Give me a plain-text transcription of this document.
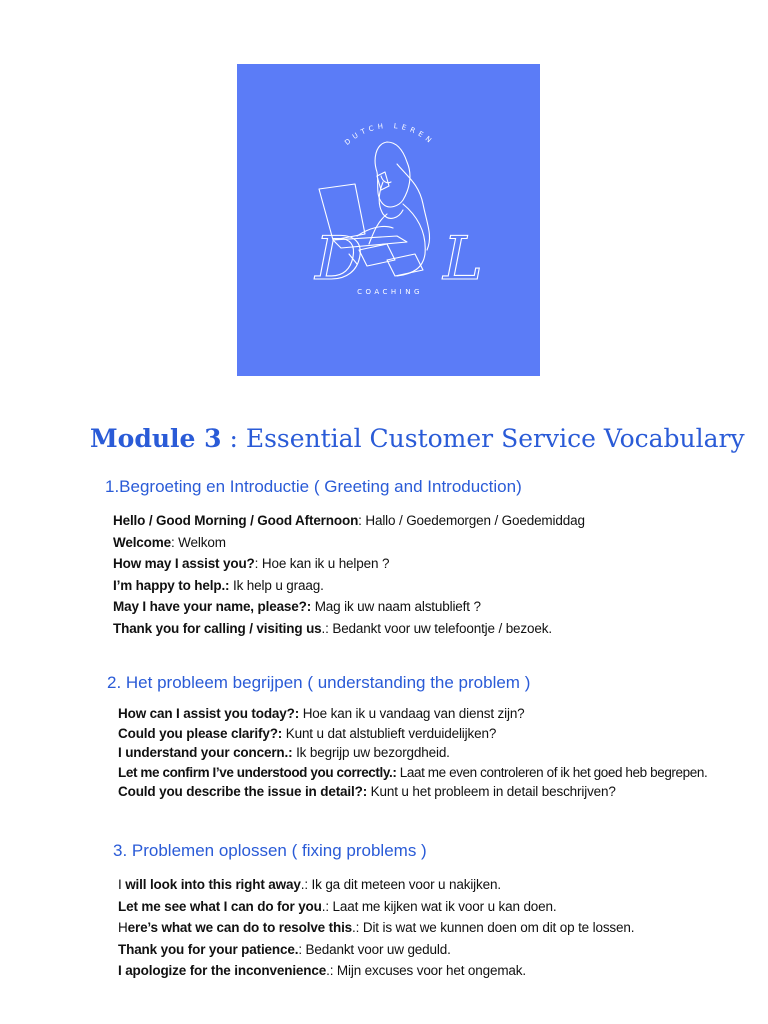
DUTCH LEREN
D L
COACHING
Module 3 : Essential Customer Service Vocabulary
1.Begroeting en Introductie ( Greeting and Introduction)
Hello / Good Morning / Good Afternoon: Hallo / Goedemorgen / Goedemiddag
Welcome: Welkom
How may I assist you?: Hoe kan ik u helpen ?
I’m happy to help.: Ik help u graag.
May I have your name, please?: Mag ik uw naam alstublieft ?
Thank you for calling / visiting us.: Bedankt voor uw telefoontje / bezoek.
2. Het probleem begrijpen ( understanding the problem )
How can I assist you today?: Hoe kan ik u vandaag van dienst zijn?
Could you please clarify?: Kunt u dat alstublieft verduidelijken?
I understand your concern.: Ik begrijp uw bezorgdheid.
Let me confirm I’ve understood you correctly.: Laat me even controleren of ik het goed heb begrepen.
Could you describe the issue in detail?: Kunt u het probleem in detail beschrijven?
3. Problemen oplossen ( fixing problems )
I will look into this right away.: Ik ga dit meteen voor u nakijken.
Let me see what I can do for you.: Laat me kijken wat ik voor u kan doen.
Here’s what we can do to resolve this.: Dit is wat we kunnen doen om dit op te lossen.
Thank you for your patience.: Bedankt voor uw geduld.
I apologize for the inconvenience.: Mijn excuses voor het ongemak.
